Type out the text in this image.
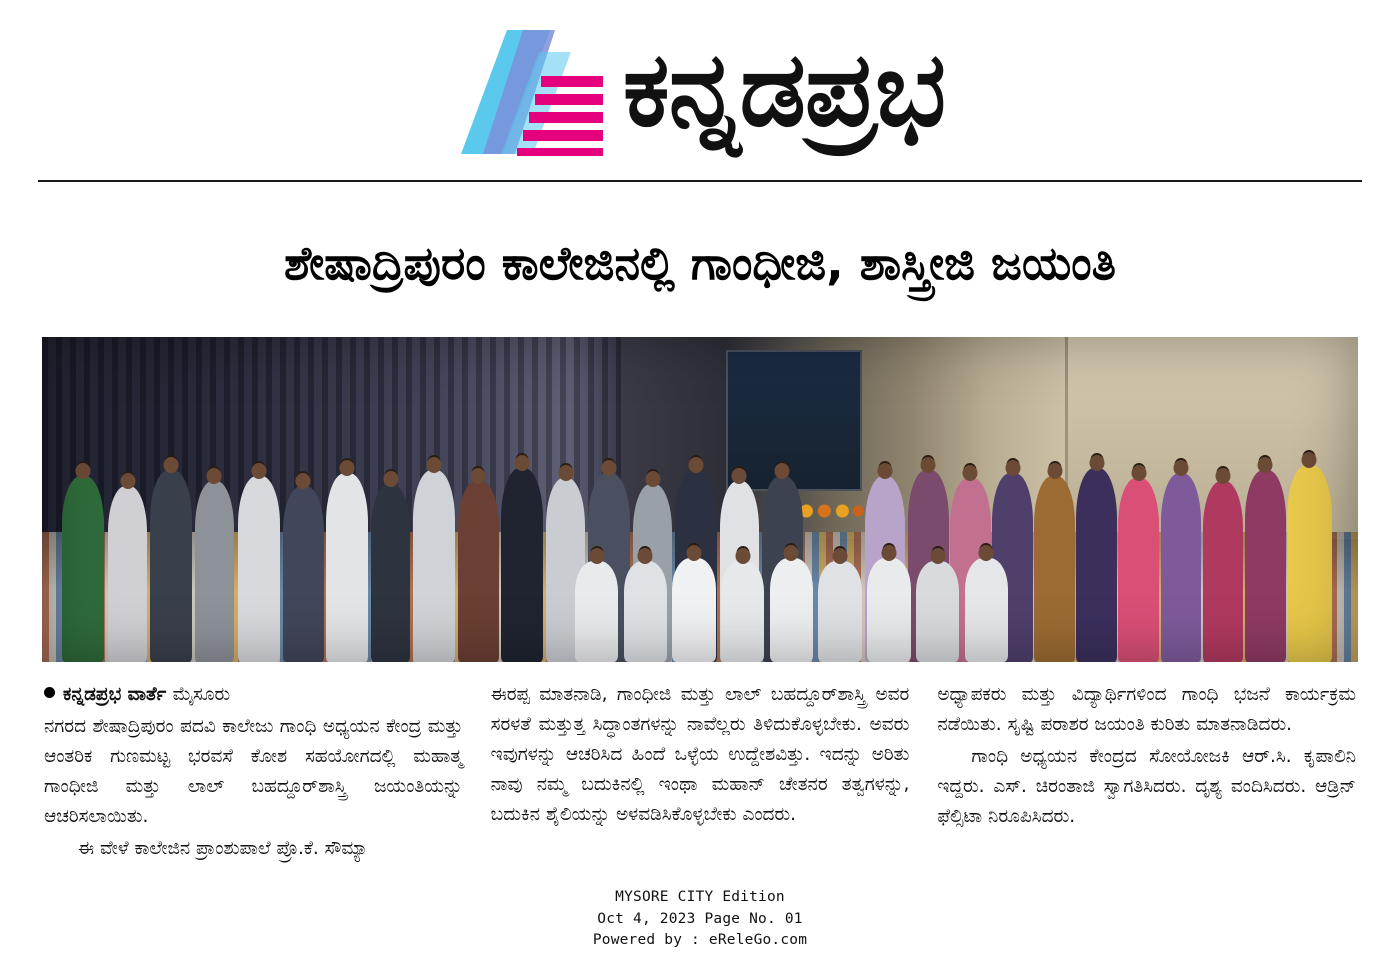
ಕನ್ನಡಪ್ರಭ
ಶೇಷಾದ್ರಿಪುರಂ ಕಾಲೇಜಿನಲ್ಲಿ ಗಾಂಧೀಜಿ, ಶಾಸ್ತ್ರೀಜಿ ಜಯಂತಿ
ಕನ್ನಡಪ್ರಭ ವಾರ್ತೆ ಮೈಸೂರು

ನಗರದ ಶೇಷಾದ್ರಿಪುರಂ ಪದವಿ ಕಾಲೇಜು ಗಾಂಧಿ ಅಧ್ಯಯನ ಕೇಂದ್ರ ಮತ್ತು ಆಂತರಿಕ ಗುಣಮಟ್ಟ ಭರವಸೆ ಕೋಶ ಸಹಯೋಗದಲ್ಲಿ ಮಹಾತ್ಮ ಗಾಂಧೀಜಿ ಮತ್ತು ಲಾಲ್ ಬಹದ್ದೂರ್‌ಶಾಸ್ತ್ರಿ ಜಯಂತಿಯನ್ನು ಆಚರಿಸಲಾಯಿತು.

ಈ ವೇಳೆ ಕಾಲೇಜಿನ ಪ್ರಾಂಶುಪಾಲೆ ಪ್ರೊ.ಕೆ. ಸೌಮ್ಯಾ

ಈರಪ್ಪ ಮಾತನಾಡಿ, ಗಾಂಧೀಜಿ ಮತ್ತು ಲಾಲ್ ಬಹದ್ದೂರ್‌ಶಾಸ್ತ್ರಿ ಅವರ ಸರಳತೆ ಮತ್ತುತ್ತ ಸಿದ್ಧಾಂತಗಳನ್ನು ನಾವೆಲ್ಲರು ತಿಳಿದುಕೊಳ್ಳಬೇಕು. ಅವರು ಇವುಗಳನ್ನು ಆಚರಿಸಿದ ಹಿಂದೆ ಒಳ್ಳೆಯ ಉದ್ದೇಶವಿತ್ತು. ಇದನ್ನು ಅರಿತು ನಾವು ನಮ್ಮ ಬದುಕಿನಲ್ಲಿ ಇಂಥಾ ಮಹಾನ್ ಚೇತನರ ತತ್ವಗಳನ್ನು, ಬದುಕಿನ ಶೈಲಿಯನ್ನು ಅಳವಡಿಸಿಕೊಳ್ಳಬೇಕು ಎಂದರು.

ಅಧ್ಯಾಪಕರು ಮತ್ತು ವಿದ್ಯಾರ್ಥಿಗಳಿಂದ ಗಾಂಧಿ ಭಜನೆ ಕಾರ್ಯಕ್ರಮ ನಡೆಯಿತು. ಸೃಷ್ಟಿ ಪರಾಶರ ಜಯಂತಿ ಕುರಿತು ಮಾತನಾಡಿದರು.

ಗಾಂಧಿ ಅಧ್ಯಯನ ಕೇಂದ್ರದ ಸೋಯೋಜಕಿ ಆರ್.ಸಿ. ಕೃಪಾಲಿನಿ ಇದ್ದರು. ಎಸ್. ಚಿರಂತಾಜಿ ಸ್ವಾಗತಿಸಿದರು. ದೃಶ್ಯ ವಂದಿಸಿದರು. ಆಡ್ರಿನ್ ಫೆಲ್ಸಿಟಾ ನಿರೂಪಿಸಿದರು.

MYSORE CITY Edition
Oct 4, 2023 Page No. 01
Powered by : eReleGo.com
